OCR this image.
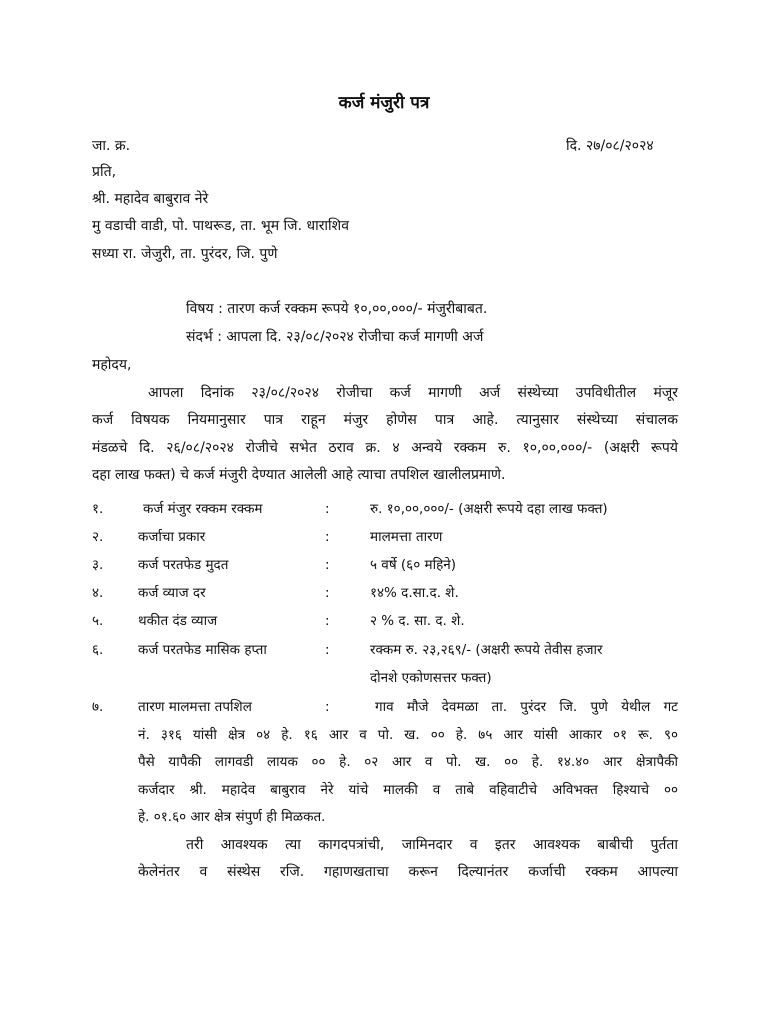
कर्ज मंजुरी पत्र
जा. क्र.	दि. २७/०८/२०२४
प्रति,
श्री. महादेव बाबुराव नेरे
मु वडाची वाडी, पो. पाथरूड, ता. भूम जि. धाराशिव
सध्या रा. जेजुरी, ता. पुरंदर, जि. पुणे
विषय : तारण कर्ज रक्कम रूपये १०,००,०००/- मंजुरीबाबत.
संदर्भ : आपला दि. २३/०८/२०२४ रोजीचा कर्ज मागणी अर्ज
महोदय,
आपला दिनांक २३/०८/२०२४ रोजीचा कर्ज मागणी अर्ज संस्थेच्या उपविधीतील मंजूर
कर्ज विषयक नियमानुसार पात्र राहून मंजुर होणेस पात्र आहे. त्यानुसार संस्थेच्या संचालक
मंडळचे दि. २६/०८/२०२४ रोजीचे सभेत ठराव क्र. ४ अन्वये रक्कम रु. १०,००,०००/- (अक्षरी रूपये
दहा लाख फक्त) चे कर्ज मंजुरी देण्यात आलेली आहे त्याचा तपशिल खालीलप्रमाणे.
१.	कर्ज मंजुर रक्कम रक्कम	:	रु. १०,००,०००/- (अक्षरी रूपये दहा लाख फक्त)
२.	कर्जाचा प्रकार	:	मालमत्ता तारण
३.	कर्ज परतफेड मुदत	:	५ वर्षे (६० महिने)
४.	कर्ज व्याज दर	:	१४% द.सा.द. शे.
५.	थकीत दंड व्याज	:	२ % द. सा. द. शे.
६.	कर्ज परतफेड मासिक हप्ता	:	रक्कम रु. २३,२६९/- (अक्षरी रूपये तेवीस हजार
दोनशे एकोणसत्तर फक्त)
७.	तारण मालमत्ता तपशिल	:	गाव मौजे देवमळा ता. पुरंदर जि. पुणे येथील गट
नं. ३१६ यांसी क्षेत्र ०४ हे. १६ आर व पो. ख. ०० हे. ७५ आर यांसी आकार ०१ रू. ९०
पैसे यापैकी लागवडी लायक ०० हे. ०२ आर व पो. ख. ०० हे. १४.४० आर क्षेत्रापैकी
कर्जदार श्री. महादेव बाबुराव नेरे यांचे मालकी व ताबे वहिवाटीचे अविभक्त हिश्याचे ००
हे. ०१.६० आर क्षेत्र संपुर्ण ही मिळकत.
तरी आवश्यक त्या कागदपत्रांची, जामिनदार व इतर आवश्यक बाबीची पुर्तता
केलेनंतर व संस्थेस रजि. गहाणखताचा करून दिल्यानंतर कर्जाची रक्कम आपल्या
